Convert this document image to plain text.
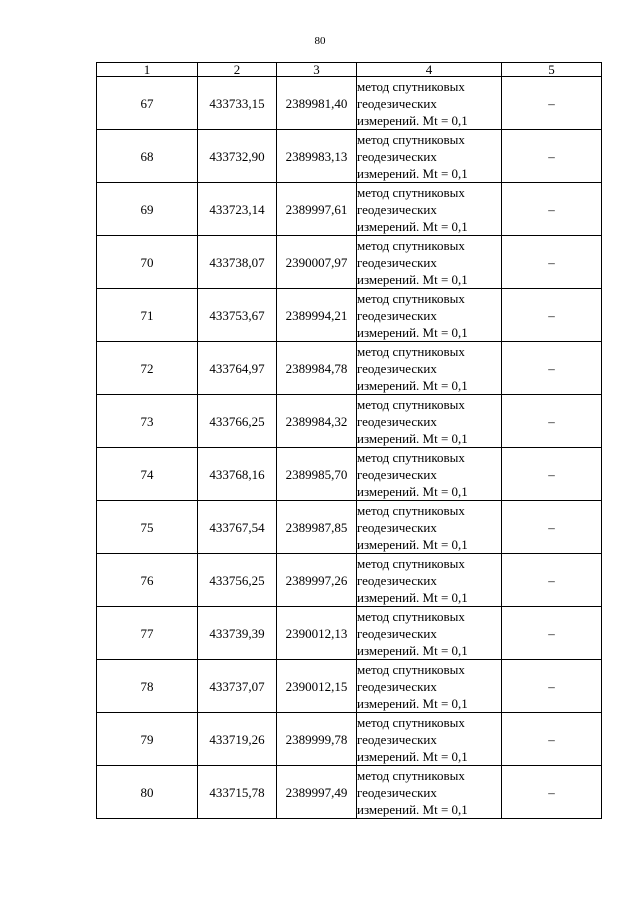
80
1	2	3	4	5
67	433733,15	2389981,40	метод спутниковых
геодезических
измерений. Mt = 0,1	–
68	433732,90	2389983,13	метод спутниковых
геодезических
измерений. Mt = 0,1	–
69	433723,14	2389997,61	метод спутниковых
геодезических
измерений. Mt = 0,1	–
70	433738,07	2390007,97	метод спутниковых
геодезических
измерений. Mt = 0,1	–
71	433753,67	2389994,21	метод спутниковых
геодезических
измерений. Mt = 0,1	–
72	433764,97	2389984,78	метод спутниковых
геодезических
измерений. Mt = 0,1	–
73	433766,25	2389984,32	метод спутниковых
геодезических
измерений. Mt = 0,1	–
74	433768,16	2389985,70	метод спутниковых
геодезических
измерений. Mt = 0,1	–
75	433767,54	2389987,85	метод спутниковых
геодезических
измерений. Mt = 0,1	–
76	433756,25	2389997,26	метод спутниковых
геодезических
измерений. Mt = 0,1	–
77	433739,39	2390012,13	метод спутниковых
геодезических
измерений. Mt = 0,1	–
78	433737,07	2390012,15	метод спутниковых
геодезических
измерений. Mt = 0,1	–
79	433719,26	2389999,78	метод спутниковых
геодезических
измерений. Mt = 0,1	–
80	433715,78	2389997,49	метод спутниковых
геодезических
измерений. Mt = 0,1	–
